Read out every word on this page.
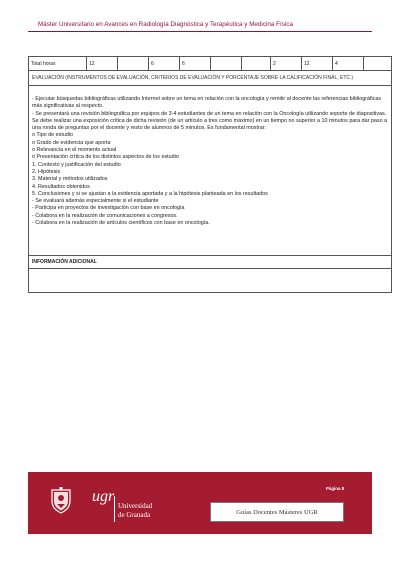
Máster Universitario en Avances en Radiología Diagnóstica y Terapéutica y Medicina Física
Total horas	12		6	6			2	12	4	
EVALUACIÓN (INSTRUMENTOS DE EVALUACIÓN, CRITERIOS DE EVALUACIÓN Y PORCENTAJE SOBRE LA CALIFICACIÓN FINAL, ETC.)

- Ejecutar búsquedas bibliográficas utilizando Internet sobre un tema en relación con la oncología y remitir al docente las referencias bibliográficas más significativas al respecto.

- Se presentará una revisión bibliográfica por equipos de 3-4 estudiantes de un tema en relación con la Oncología utilizando soporte de diapositivas. Se debe realizar una exposición crítica de dicha revisión (de un artículo a tres como máximo) en un tiempo no superior a 10 minutos para dar paso a una ronda de preguntas por el docente y resto de alumnos de 5 minutos. Es fundamental mostrar:

o Tipo de estudio

o Grado de evidencia que aporta

o Relevancia en el momento actual

o Presentación crítica de los distintos aspectos de los estudio

1. Contexto y justificación del estudio

2. Hipótesis

3. Material y métodos utilizados

4. Resultados obtenidos

5. Conclusiones y si se ajustan a la evidencia aportada y a la hipótesis planteada en los resultados

- Se evaluará además especialmente si el estudiante

- Participa en proyectos de investigación con base en oncología

- Colabora en la realización de comunicaciones a congresos.

- Colabora en la realización de artículos científicos con base en oncología.

INFORMACIÓN ADICIONAL

ugr
Universidad
de Granada
Página 8
Guías Docentes Másteres UGR
